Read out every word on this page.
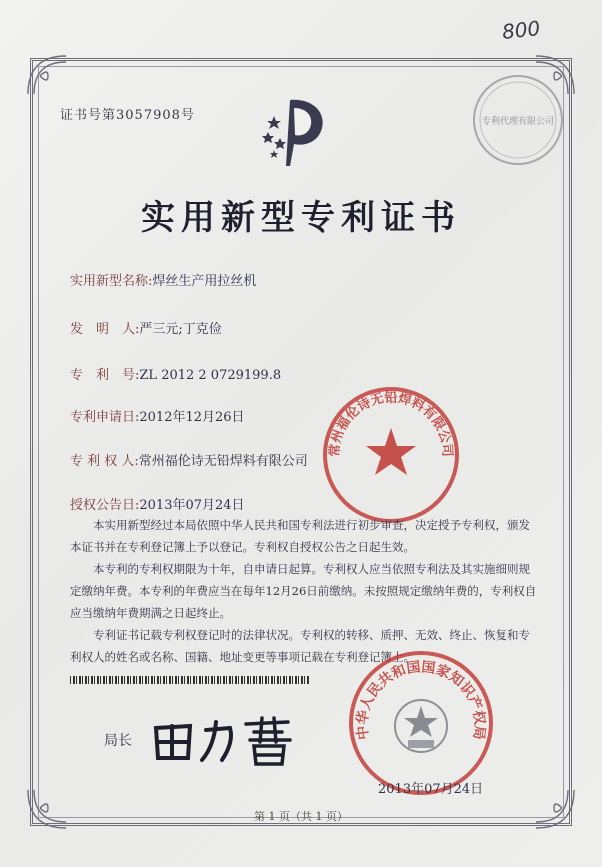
800
证书号第3057908号	专利代理有限公司
实用新型专利证书
实用新型名称:焊丝生产用拉丝机
发　明　人:严三元;丁克俭
专　利　号:ZL 2012 2 0729199.8
专利申请日:2012年12月26日
专 利 权 人:常州福伦诗无铅焊料有限公司
授权公告日:2013年07月24日
常州福伦诗无铅焊料有限公司

本实用新型经过本局依照中华人民共和国专利法进行初步审查，决定授予专利权，颁发本证书并在专利登记簿上予以登记。专利权自授权公告之日起生效。

本专利的专利权期限为十年，自申请日起算。专利权人应当依照专利法及其实施细则规定缴纳年费。本专利的年费应当在每年12月26日前缴纳。未按照规定缴纳年费的，专利权自应当缴纳年费期满之日起终止。

专利证书记载专利权登记时的法律状况。专利权的转移、质押、无效、终止、恢复和专利权人的姓名或名称、国籍、地址变更等事项记载在专利登记簿上。

局长
中华人民共和国国家知识产权局
2013年07月24日
第 1 页（共 1 页）
